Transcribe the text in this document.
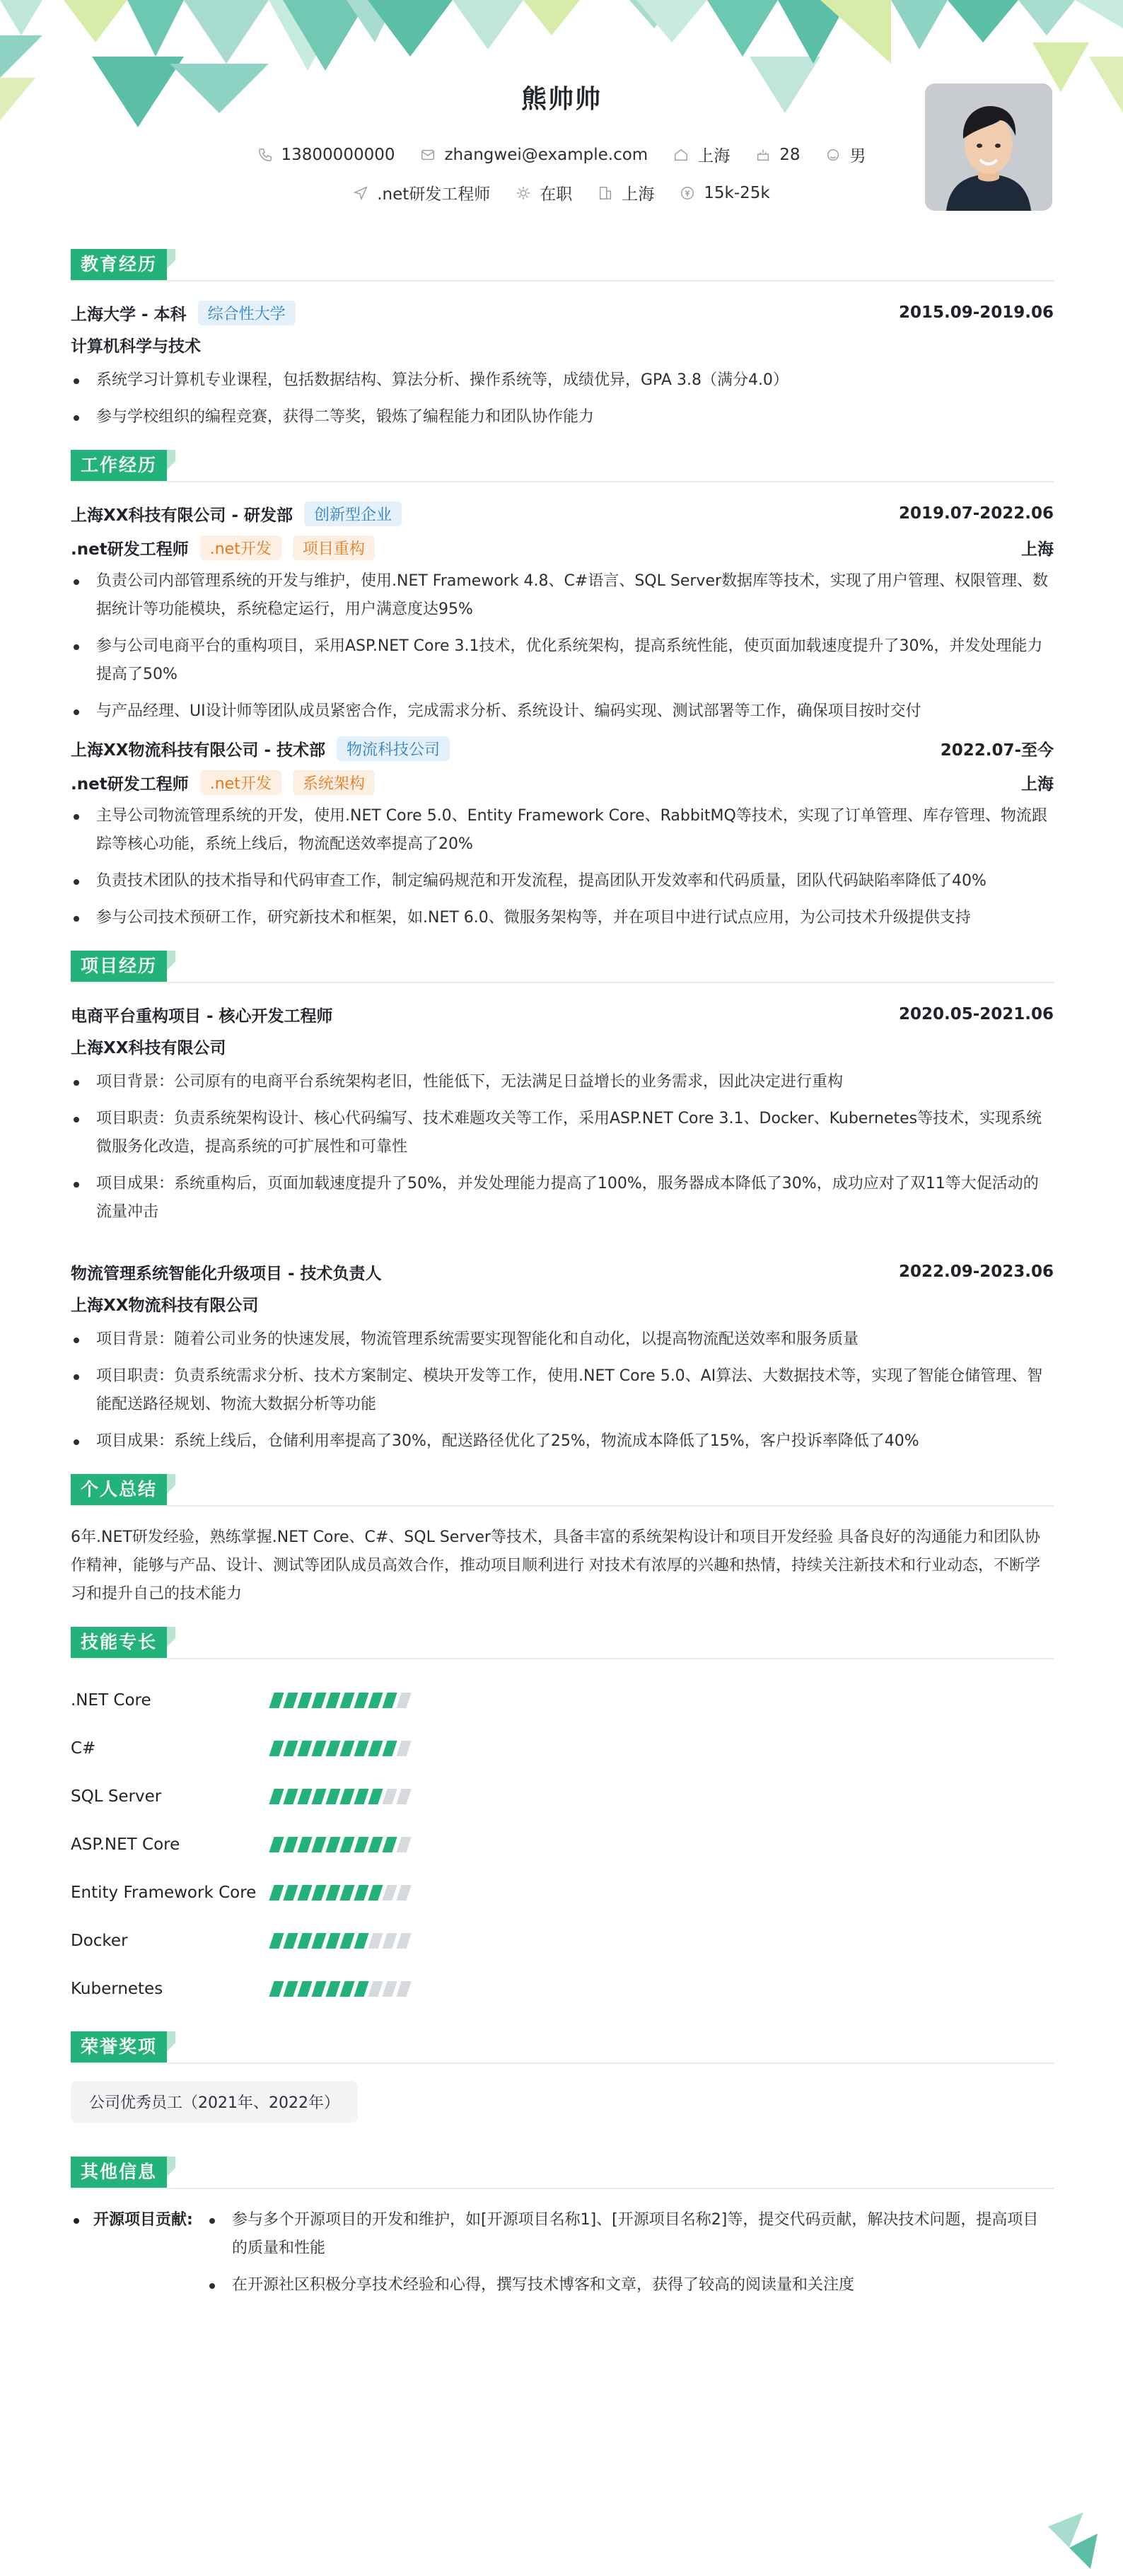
熊帅帅
13800000000	zhangwei@example.com	上海	28	男
.net研发工程师	在职	上海	15k-25k
教育经历
上海大学 - 本科	综合性大学	2015.09-2019.06
计算机科学与技术
系统学习计算机专业课程，包括数据结构、算法分析、操作系统等，成绩优异，GPA 3.8（满分4.0）
参与学校组织的编程竞赛，获得二等奖，锻炼了编程能力和团队协作能力
工作经历
上海XX科技有限公司 - 研发部	创新型企业	2019.07-2022.06
.net研发工程师	.net开发	项目重构	上海
负责公司内部管理系统的开发与维护，使用.NET Framework 4.8、C#语言、SQL Server数据库等技术，实现了用户管理、权限管理、数据统计等功能模块，系统稳定运行，用户满意度达95%
参与公司电商平台的重构项目，采用ASP.NET Core 3.1技术，优化系统架构，提高系统性能，使页面加载速度提升了30%，并发处理能力提高了50%
与产品经理、UI设计师等团队成员紧密合作，完成需求分析、系统设计、编码实现、测试部署等工作，确保项目按时交付
上海XX物流科技有限公司 - 技术部	物流科技公司	2022.07-至今
.net研发工程师	.net开发	系统架构	上海
主导公司物流管理系统的开发，使用.NET Core 5.0、Entity Framework Core、RabbitMQ等技术，实现了订单管理、库存管理、物流跟踪等核心功能，系统上线后，物流配送效率提高了20%
负责技术团队的技术指导和代码审查工作，制定编码规范和开发流程，提高团队开发效率和代码质量，团队代码缺陷率降低了40%
参与公司技术预研工作，研究新技术和框架，如.NET 6.0、微服务架构等，并在项目中进行试点应用，为公司技术升级提供支持
项目经历
电商平台重构项目 - 核心开发工程师	2020.05-2021.06
上海XX科技有限公司
项目背景：公司原有的电商平台系统架构老旧，性能低下，无法满足日益增长的业务需求，因此决定进行重构
项目职责：负责系统架构设计、核心代码编写、技术难题攻关等工作，采用ASP.NET Core 3.1、Docker、Kubernetes等技术，实现系统微服务化改造，提高系统的可扩展性和可靠性
项目成果：系统重构后，页面加载速度提升了50%，并发处理能力提高了100%，服务器成本降低了30%，成功应对了双11等大促活动的流量冲击
物流管理系统智能化升级项目 - 技术负责人	2022.09-2023.06
上海XX物流科技有限公司
项目背景：随着公司业务的快速发展，物流管理系统需要实现智能化和自动化，以提高物流配送效率和服务质量
项目职责：负责系统需求分析、技术方案制定、模块开发等工作，使用.NET Core 5.0、AI算法、大数据技术等，实现了智能仓储管理、智能配送路径规划、物流大数据分析等功能
项目成果：系统上线后，仓储利用率提高了30%，配送路径优化了25%，物流成本降低了15%，客户投诉率降低了40%
个人总结
6年.NET研发经验，熟练掌握.NET Core、C#、SQL Server等技术，具备丰富的系统架构设计和项目开发经验 具备良好的沟通能力和团队协作精神，能够与产品、设计、测试等团队成员高效合作，推动项目顺利进行 对技术有浓厚的兴趣和热情，持续关注新技术和行业动态，不断学习和提升自己的技术能力
技能专长
.NET Core
C#
SQL Server
ASP.NET Core
Entity Framework Core
Docker
Kubernetes
荣誉奖项
公司优秀员工（2021年、2022年）
其他信息
开源项目贡献:	参与多个开源项目的开发和维护，如[开源项目名称1]、[开源项目名称2]等，提交代码贡献，解决技术问题，提高项目的质量和性能
在开源社区积极分享技术经验和心得，撰写技术博客和文章，获得了较高的阅读量和关注度
